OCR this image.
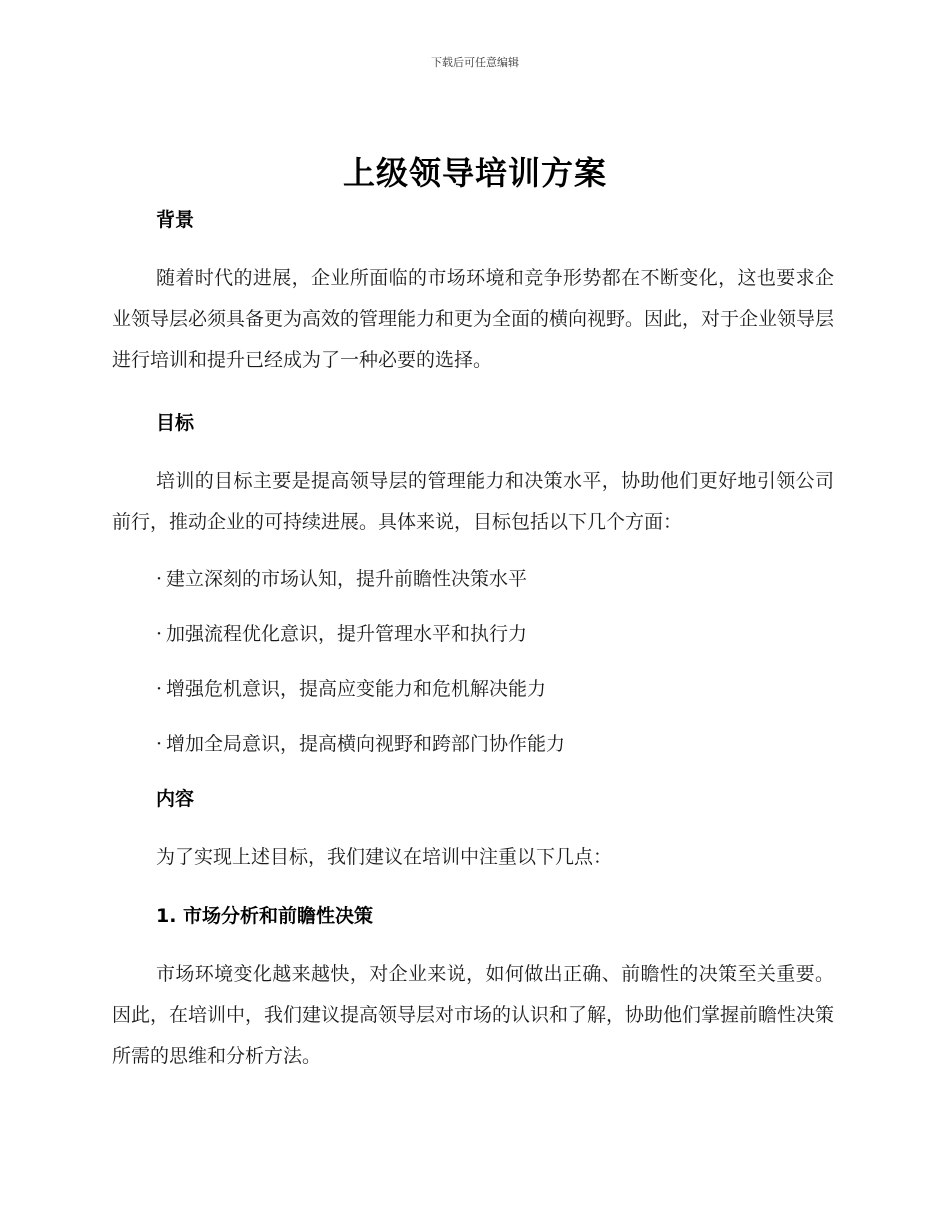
下载后可任意编辑
上级领导培训方案
背景

随着时代的进展，企业所面临的市场环境和竞争形势都在不断变化，这也要求企业领导层必须具备更为高效的管理能力和更为全面的横向视野。因此，对于企业领导层进行培训和提升已经成为了一种必要的选择。

目标

培训的目标主要是提高领导层的管理能力和决策水平，协助他们更好地引领公司前行，推动企业的可持续进展。具体来说，目标包括以下几个方面：

· 建立深刻的市场认知，提升前瞻性决策水平
· 加强流程优化意识，提升管理水平和执行力
· 增强危机意识，提高应变能力和危机解决能力
· 增加全局意识，提高横向视野和跨部门协作能力
内容

为了实现上述目标，我们建议在培训中注重以下几点：

1. 市场分析和前瞻性决策

市场环境变化越来越快，对企业来说，如何做出正确、前瞻性的决策至关重要。因此，在培训中，我们建议提高领导层对市场的认识和了解，协助他们掌握前瞻性决策所需的思维和分析方法。
